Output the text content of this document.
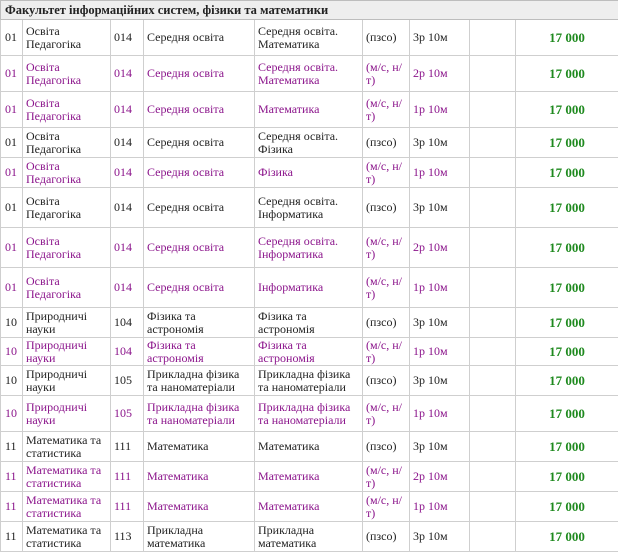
Факультет інформаційних систем, фізики та математики								
01	Освіта Педагогіка	014	Середня освіта	Середня освіта. Математика	(пзсо)	3р 10м		17 000
01	Освіта Педагогіка	014	Середня освіта	Середня освіта. Математика	(м/с, н/т)	2р 10м		17 000
01	Освіта Педагогіка	014	Середня освіта	Математика	(м/с, н/т)	1р 10м		17 000
01	Освіта Педагогіка	014	Середня освіта	Середня освіта. Фізика	(пзсо)	3р 10м		17 000
01	Освіта Педагогіка	014	Середня освіта	Фізика	(м/с, н/т)	1р 10м		17 000
01	Освіта Педагогіка	014	Середня освіта	Середня освіта. Інформатика	(пзсо)	3р 10м		17 000
01	Освіта Педагогіка	014	Середня освіта	Середня освіта. Інформатика	(м/с, н/т)	2р 10м		17 000
01	Освіта Педагогіка	014	Середня освіта	Інформатика	(м/с, н/т)	1р 10м		17 000
10	Природничі науки	104	Фізика та астрономія	Фізика та астрономія	(пзсо)	3р 10м		17 000
10	Природничі науки	104	Фізика та астрономія	Фізика та астрономія	(м/с, н/т)	1р 10м		17 000
10	Природничі науки	105	Прикладна фізика та наноматеріали	Прикладна фізика та наноматеріали	(пзсо)	3р 10м		17 000
10	Природничі науки	105	Прикладна фізика та наноматеріали	Прикладна фізика та наноматеріали	(м/с, н/т)	1р 10м		17 000
11	Математика та статистика	111	Математика	Математика	(пзсо)	3р 10м		17 000
11	Математика та статистика	111	Математика	Математика	(м/с, н/т)	2р 10м		17 000
11	Математика та статистика	111	Математика	Математика	(м/с, н/т)	1р 10м		17 000
11	Математика та статистика	113	Прикладна математика	Прикладна математика	(пзсо)	3р 10м		17 000
